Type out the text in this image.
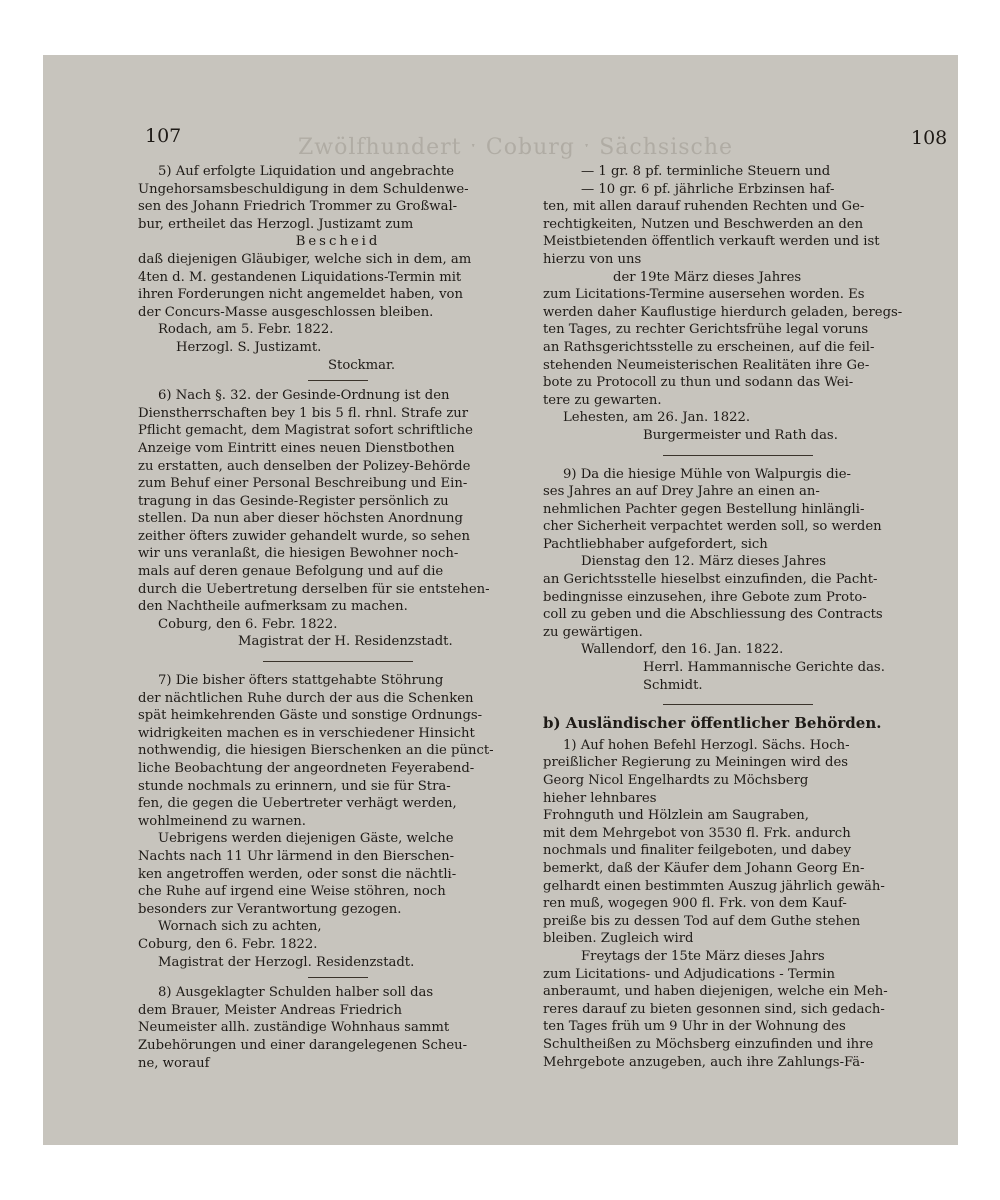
Zwölfhundert ˑ Coburg ˑ Sächsische
107	108
5) Auf erfolgte Liquidation und angebrachte
Ungehorsamsbeschuldigung in dem Schuldenwe-
sen des Johann Friedrich Trommer zu Großwal-
bur, ertheilet das Herzogl. Justizamt zum
Bescheid
daß diejenigen Gläubiger, welche sich in dem, am
4ten d. M. gestandenen Liquidations-Termin mit
ihren Forderungen nicht angemeldet haben, von
der Concurs-Masse ausgeschlossen bleiben.
Rodach, am 5. Febr. 1822.
Herzogl. S. Justizamt.
Stockmar.
6) Nach §. 32. der Gesinde-Ordnung ist den
Dienstherrschaften bey 1 bis 5 fl. rhnl. Strafe zur
Pflicht gemacht, dem Magistrat sofort schriftliche
Anzeige vom Eintritt eines neuen Dienstbothen
zu erstatten, auch denselben der Polizey-Behörde
zum Behuf einer Personal Beschreibung und Ein-
tragung in das Gesinde-Register persönlich zu
stellen. Da nun aber dieser höchsten Anordnung
zeither öfters zuwider gehandelt wurde, so sehen
wir uns veranlaßt, die hiesigen Bewohner noch-
mals auf deren genaue Befolgung und auf die
durch die Uebertretung derselben für sie entstehen-
den Nachtheile aufmerksam zu machen.
Coburg, den 6. Febr. 1822.
Magistrat der H. Residenzstadt.
7) Die bisher öfters stattgehabte Stöhrung
der nächtlichen Ruhe durch der aus die Schenken
spät heimkehrenden Gäste und sonstige Ordnungs-
widrigkeiten machen es in verschiedener Hinsicht
nothwendig, die hiesigen Bierschenken an die pünct-
liche Beobachtung der angeordneten Feyerabend-
stunde nochmals zu erinnern, und sie für Stra-
fen, die gegen die Uebertreter verhägt werden,
wohlmeinend zu warnen.
Uebrigens werden diejenigen Gäste, welche
Nachts nach 11 Uhr lärmend in den Bierschen-
ken angetroffen werden, oder sonst die nächtli-
che Ruhe auf irgend eine Weise stöhren, noch
besonders zur Verantwortung gezogen.
Wornach sich zu achten,
Coburg, den 6. Febr. 1822.
Magistrat der Herzogl. Residenzstadt.
8) Ausgeklagter Schulden halber soll das
dem Brauer, Meister Andreas Friedrich
Neumeister allh. zuständige Wohnhaus sammt
Zubehörungen und einer darangelegenen Scheu-
ne, worauf
— 1 gr. 8 pf. terminliche Steuern und
— 10 gr. 6 pf. jährliche Erbzinsen haf-
ten, mit allen darauf ruhenden Rechten und Ge-
rechtigkeiten, Nutzen und Beschwerden an den
Meistbietenden öffentlich verkauft werden und ist
hierzu von uns
der 19te März dieses Jahres
zum Licitations-Termine ausersehen worden. Es
werden daher Kauflustige hierdurch geladen, beregs-
ten Tages, zu rechter Gerichtsfrühe legal voruns
an Rathsgerichtsstelle zu erscheinen, auf die feil-
stehenden Neumeisterischen Realitäten ihre Ge-
bote zu Protocoll zu thun und sodann das Wei-
tere zu gewarten.
Lehesten, am 26. Jan. 1822.
Burgermeister und Rath das.
9) Da die hiesige Mühle von Walpurgis die-
ses Jahres an auf Drey Jahre an einen an-
nehmlichen Pachter gegen Bestellung hinlängli-
cher Sicherheit verpachtet werden soll, so werden
Pachtliebhaber aufgefordert, sich
Dienstag den 12. März dieses Jahres
an Gerichtsstelle hieselbst einzufinden, die Pacht-
bedingnisse einzusehen, ihre Gebote zum Proto-
coll zu geben und die Abschliessung des Contracts
zu gewärtigen.
Wallendorf, den 16. Jan. 1822.
Herrl. Hammannische Gerichte das.
Schmidt.
b) Ausländischer öffentlicher Behörden.
1) Auf hohen Befehl Herzogl. Sächs. Hoch-
preißlicher Regierung zu Meiningen wird des
Georg Nicol Engelhardts zu Möchsberg
hieher lehnbares
Frohnguth und Hölzlein am Saugraben,
mit dem Mehrgebot von 3530 fl. Frk. andurch
nochmals und finaliter feilgeboten, und dabey
bemerkt, daß der Käufer dem Johann Georg En-
gelhardt einen bestimmten Auszug jährlich gewäh-
ren muß, wogegen 900 fl. Frk. von dem Kauf-
preiße bis zu dessen Tod auf dem Guthe stehen
bleiben. Zugleich wird
Freytags der 15te März dieses Jahrs
zum Licitations- und Adjudications - Termin
anberaumt, und haben diejenigen, welche ein Meh-
reres darauf zu bieten gesonnen sind, sich gedach-
ten Tages früh um 9 Uhr in der Wohnung des
Schultheißen zu Möchsberg einzufinden und ihre
Mehrgebote anzugeben, auch ihre Zahlungs-Fä-
